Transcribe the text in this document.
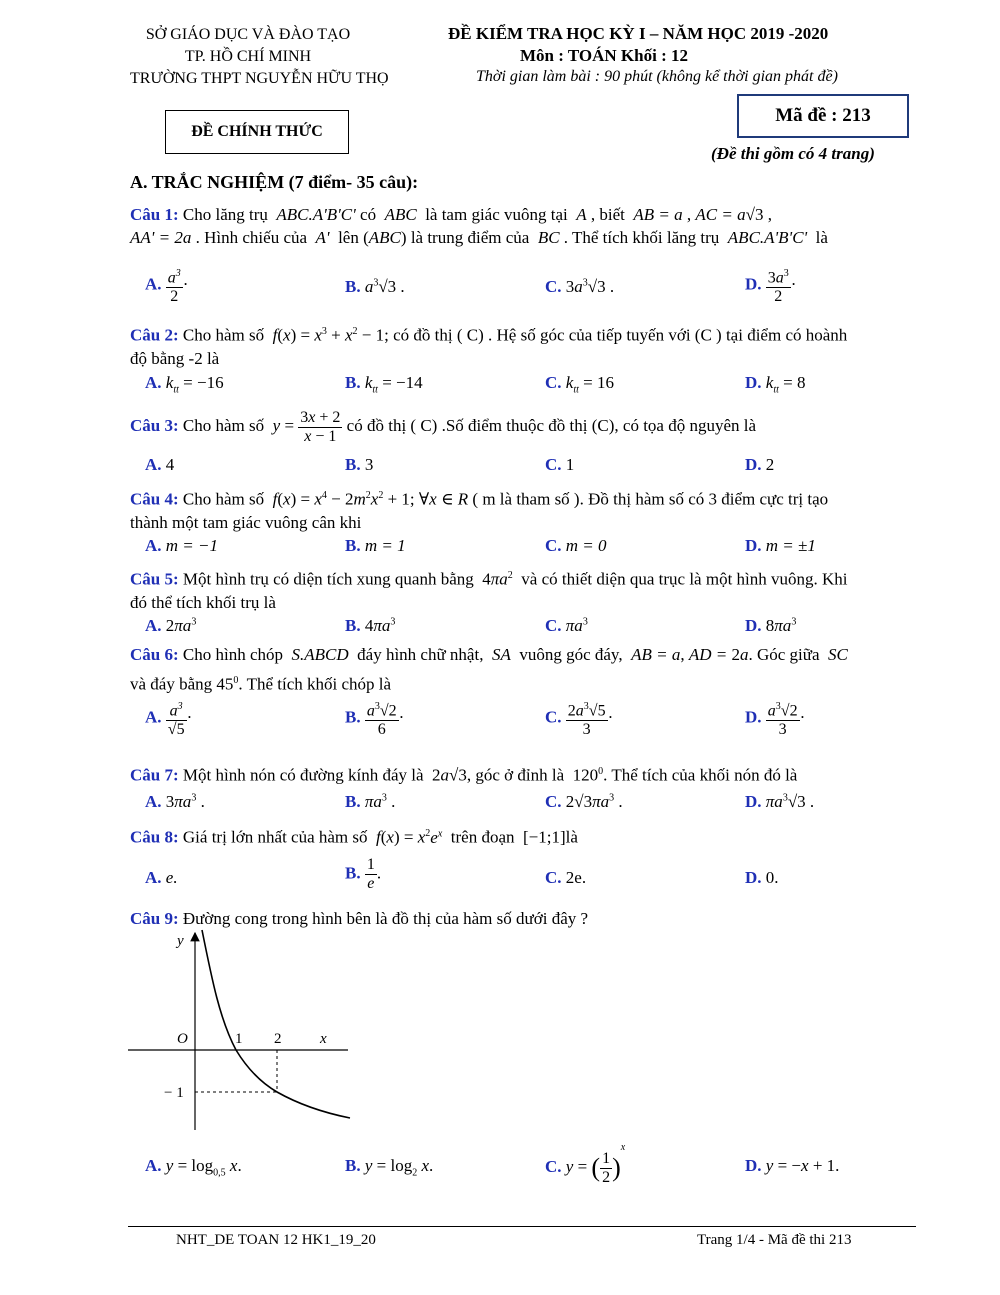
SỞ GIÁO DỤC VÀ ĐÀO TẠO
TP. HỒ CHÍ MINH
TRƯỜNG THPT NGUYỄN HỮU THỌ
ĐỀ KIỂM TRA HỌC KỲ I – NĂM HỌC 2019 -2020
Môn : TOÁN Khối : 12
Thời gian làm bài : 90 phút (không kể thời gian phát đề)
ĐỀ CHÍNH THỨC
Mã đề : 213
(Đề thi gồm có 4 trang)
A. TRẮC NGHIỆM (7 điểm- 35 câu):
Câu 1: Cho lăng trụ  ABC.A'B'C' có  ABC  là tam giác vuông tại  A , biết  AB = a , AC = a√3 ,
AA' = 2a . Hình chiếu của  A'  lên (ABC) là trung điểm của  BC . Thể tích khối lăng trụ  ABC.A'B'C'  là
A. $\frac{a^3}{2}$ ·	B. $a^3√3$ .	C. $3a^3√3$ .	D. $\frac{3a^3}{2}$ ·
Câu 2: Cho hàm số  $f(x) = x^3 + x^2 - 1$; có đồ thị ( C) . Hệ số góc của tiếp tuyến với (C ) tại điểm có hoành
độ bằng -2 là
A. $k_{tt} = -16$	B. $k_{tt} = -14$	C. $k_{tt} = 16$	D. $k_{tt} = 8$
Câu 3: Cho hàm số  $y = \frac{3x + 2}{x - 1}$ có đồ thị ( C) .Số điểm thuộc đồ thị (C), có tọa độ nguyên là
A. 4	B. 3	C. 1	D. 2
Câu 4: Cho hàm số  $f(x) = x^4 - 2m^2x^2 + 1$; ∀x ∈ R ( m là tham số ). Đồ thị hàm số có 3 điểm cực trị tạo
thành một tam giác vuông cân khi
A. m = −1	B. m = 1	C. m = 0	D. m = ±1
Câu 5: Một hình trụ có diện tích xung quanh bằng  $4\pi a^2$ và có thiết diện qua trục là một hình vuông. Khi
đó thể tích khối trụ là
A. $2\pi a^3$	B. $4\pi a^3$	C. $\pi a^3$	D. $8\pi a^3$
Câu 6: Cho hình chóp  S.ABCD  đáy hình chữ nhật,  SA  vuông góc đáy,  AB = a, AD = 2a. Góc giữa  SC
và đáy bằng $45^0$. Thể tích khối chóp là
A. $\frac{a^3}{√5}$ ·	B. $\frac{a^3√2}{6}$ ·	C. $\frac{2a^3√5}{3}$ ·	D. $\frac{a^3√2}{3}$ ·
Câu 7: Một hình nón có đường kính đáy là  2a√3, góc ở đỉnh là  $120^0$. Thể tích của khối nón đó là
A. $3\pi a^3$ .	B. $\pi a^3$ .	C. $2√3\pi a^3$ .	D. $\pi a^3√3$ .
Câu 8: Giá trị lớn nhất của hàm số  $f(x) = x^2e^x$ trên đoạn  [−1;1]là
A. e.	B. $\frac{1}{e}$ .	C. 2e.	D. 0.
Câu 9: Đường cong trong hình bên là đồ thị của hàm số dưới đây ?
y
O	1 2	x
− 1
A. $y = \log_{0,5} x$.	B. $y = \log_2 x$.	C. y = ( $\frac{1}{2} )^x$
D. y = −x + 1.
NHT_DE TOAN 12 HK1_19_20	Trang 1/4 - Mã đề thi 213
